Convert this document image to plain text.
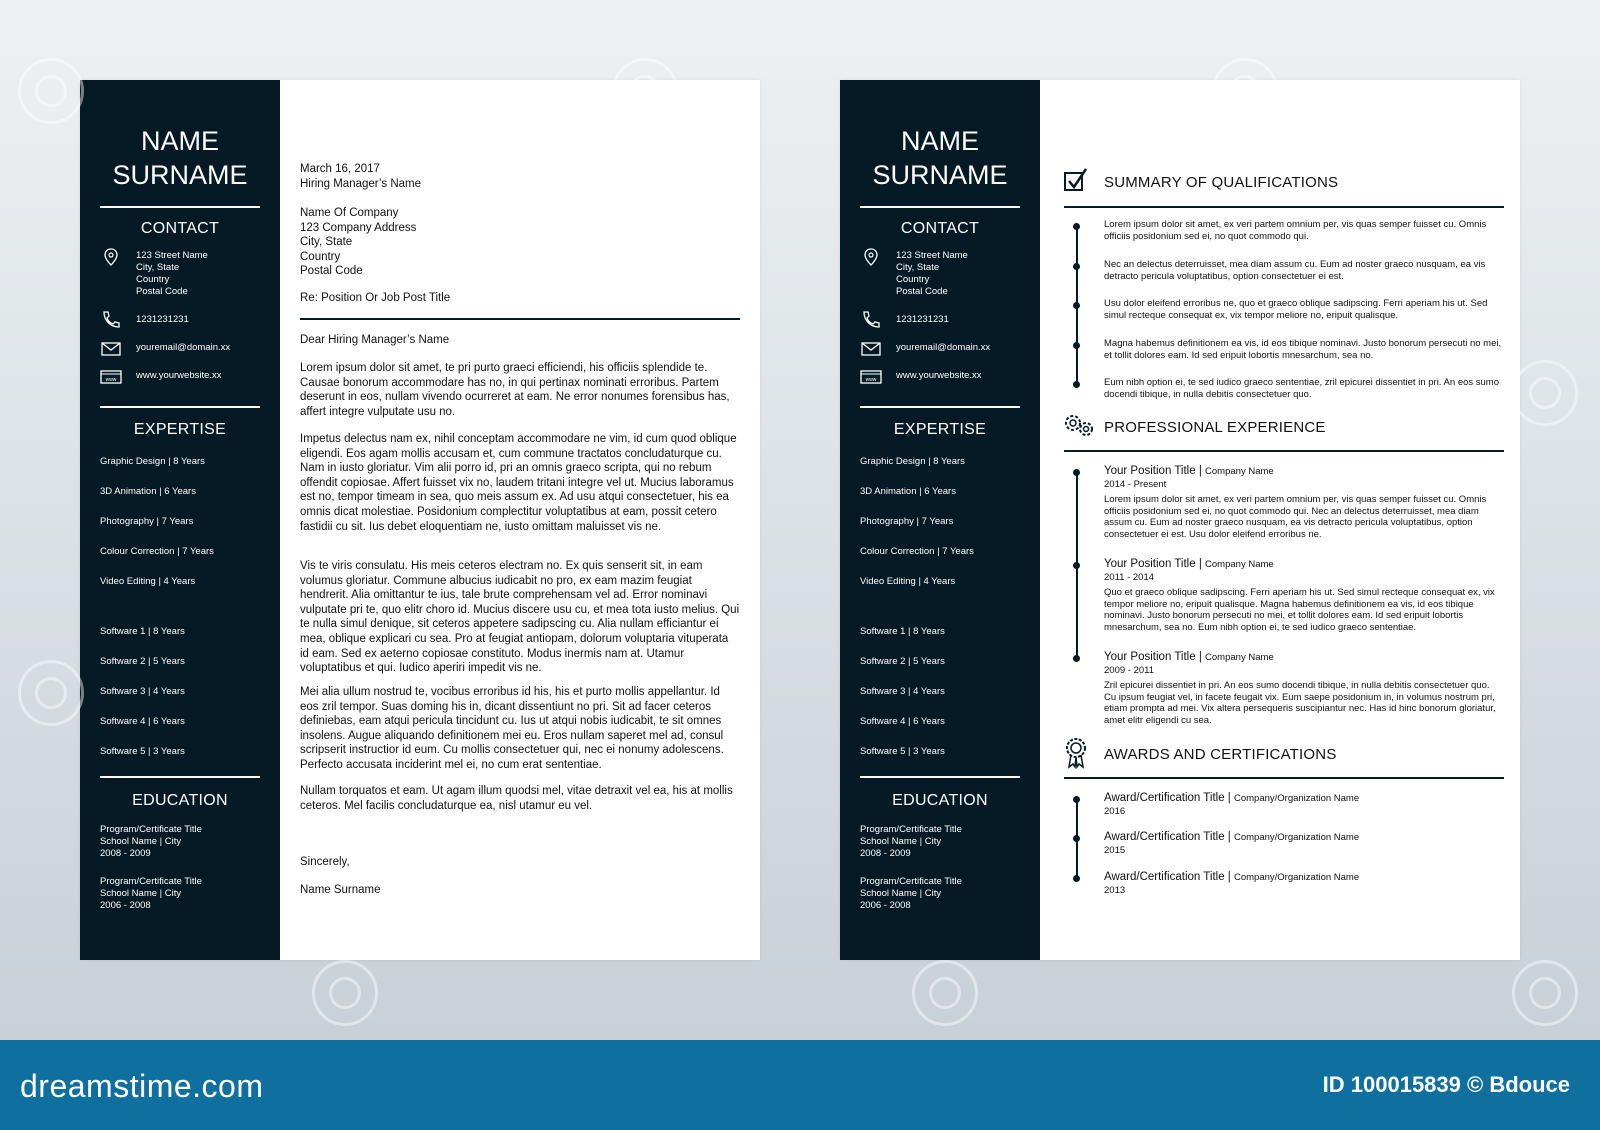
NAME
SURNAME
CONTACT
123 Street Name
City, State
Country
Postal Code
1231231231
youremail@domain.xx
www www.yourwebsite.xx
EXPERTISE
Graphic Design | 8 Years
3D Animation | 6 Years
Photography | 7 Years
Colour Correction | 7 Years
Video Editing | 4 Years
Software 1 | 8 Years
Software 2 | 5 Years
Software 3 | 4 Years
Software 4 | 6 Years
Software 5 | 3 Years
EDUCATION
Program/Certificate Title
School Name | City
2008 - 2009
Program/Certificate Title
School Name | City
2006 - 2008
March 16, 2017
Hiring Manager’s Name
Name Of Company
123 Company Address
City, State
Country
Postal Code
Re: Position Or Job Post Title
Dear Hiring Manager’s Name
Lorem ipsum dolor sit amet, te pri purto graeci efficiendi, his officiis splendide te. Causae bonorum accommodare has no, in qui pertinax nominati erroribus. Partem deserunt in eos, nullam vivendo ocurreret at eam. Ne error nonumes forensibus has, affert integre vulputate usu no.
Impetus delectus nam ex, nihil conceptam accommodare ne vim, id cum quod oblique eligendi. Eos agam mollis accusam et, cum commune tractatos concludaturque cu. Nam in iusto gloriatur. Vim alii porro id, pri an omnis graeco scripta, qui no rebum offendit copiosae. Affert fuisset vix no, laudem tritani integre vel ut. Mucius laboramus est no, tempor timeam in sea, quo meis assum ex. Ad usu atqui consectetuer, his ea omnis dicat molestiae. Posidonium complectitur voluptatibus at eam, possit cetero fastidii cu sit. Ius debet eloquentiam ne, iusto omittam maluisset vis ne.
Vis te viris consulatu. His meis ceteros electram no. Ex quis senserit sit, in eam volumus gloriatur. Commune albucius iudicabit no pro, ex eam mazim feugiat hendrerit. Alia omittantur te ius, tale brute comprehensam vel ad. Error nominavi vulputate pri te, quo elitr choro id. Mucius discere usu cu, et mea tota iusto melius. Qui te nulla simul denique, sit ceteros appetere sadipscing cu. Alia nullam efficiantur ei mea, oblique explicari cu sea. Pro at feugiat antiopam, dolorum voluptaria vituperata id eam. Sed ex aeterno copiosae constituto. Modus inermis nam at. Utamur voluptatibus et qui. Iudico aperiri impedit vis ne.
Mei alia ullum nostrud te, vocibus erroribus id his, his et purto mollis appellantur. Id eos zril tempor. Suas doming his in, dicant dissentiunt no pri. Sit ad facer ceteros definiebas, eam atqui pericula tincidunt cu. Ius ut atqui nobis iudicabit, te sit omnes insolens. Augue aliquando definitionem mei eu. Eros nullam saperet mel ad, consul scripserit instructior id eum. Cu mollis consectetuer qui, nec ei nonumy adolescens. Perfecto accusata inciderint mel ei, no cum erat sententiae.
Nullam torquatos et eam. Ut agam illum quodsi mel, vitae detraxit vel ea, his at mollis ceteros. Mel facilis concludaturque ea, nisl utamur eu vel.
Sincerely,
Name Surname
NAME
SURNAME
CONTACT
123 Street Name
City, State
Country
Postal Code
1231231231
youremail@domain.xx
www www.yourwebsite.xx
EXPERTISE
Graphic Design | 8 Years
3D Animation | 6 Years
Photography | 7 Years
Colour Correction | 7 Years
Video Editing | 4 Years
Software 1 | 8 Years
Software 2 | 5 Years
Software 3 | 4 Years
Software 4 | 6 Years
Software 5 | 3 Years
EDUCATION
Program/Certificate Title
School Name | City
2008 - 2009
Program/Certificate Title
School Name | City
2006 - 2008
SUMMARY OF QUALIFICATIONS
Lorem ipsum dolor sit amet, ex veri partem omnium per, vis quas semper fuisset cu. Omnis officiis posidonium sed ei, no quot commodo qui.
Nec an delectus deterruisset, mea diam assum cu. Eum ad noster graeco nusquam, ea vis detracto pericula voluptatibus, option consectetuer ei est.
Usu dolor eleifend erroribus ne, quo et graeco oblique sadipscing. Ferri aperiam his ut. Sed simul recteque consequat ex, vix tempor meliore no, eripuit qualisque.
Magna habemus definitionem ea vis, id eos tibique nominavi. Justo bonorum persecuti no mei, et tollit dolores eam. Id sed eripuit lobortis mnesarchum, sea no.
Eum nibh option ei, te sed iudico graeco sententiae, zril epicurei dissentiet in pri. An eos sumo docendi tibique, in nulla debitis consectetuer quo.
PROFESSIONAL EXPERIENCE
Your Position Title | Company Name
2014 - Present
Lorem ipsum dolor sit amet, ex veri partem omnium per, vis quas semper fuisset cu. Omnis officiis posidonium sed ei, no quot commodo qui. Nec an delectus deterruisset, mea diam assum cu. Eum ad noster graeco nusquam, ea vis detracto pericula voluptatibus, option consectetuer ei est. Usu dolor eleifend erroribus ne.
Your Position Title | Company Name
2011 - 2014
Quo et graeco oblique sadipscing. Ferri aperiam his ut. Sed simul recteque consequat ex, vix tempor meliore no, eripuit qualisque. Magna habemus definitionem ea vis, id eos tibique nominavi. Justo bonorum persecuti no mei, et tollit dolores eam. Id sed eripuit lobortis mnesarchum, sea no. Eum nibh option ei, te sed iudico graeco sententiae.
Your Position Title | Company Name
2009 - 2011
Zril epicurei dissentiet in pri. An eos sumo docendi tibique, in nulla debitis consectetuer quo. Cu ipsum feugiat vel, in facete feugait vix. Eum saepe posidonium in, in volumus nostrum pri, etiam prompta ad mei. Vix altera persequeris suscipiantur nec. Has id hinc bonorum gloriatur, amet elitr eligendi cu sea.
AWARDS AND CERTIFICATIONS
Award/Certification Title | Company/Organization Name
2016
Award/Certification Title | Company/Organization Name
2015
Award/Certification Title | Company/Organization Name
2013
dreamstime.com	ID 100015839 © Bdouce
